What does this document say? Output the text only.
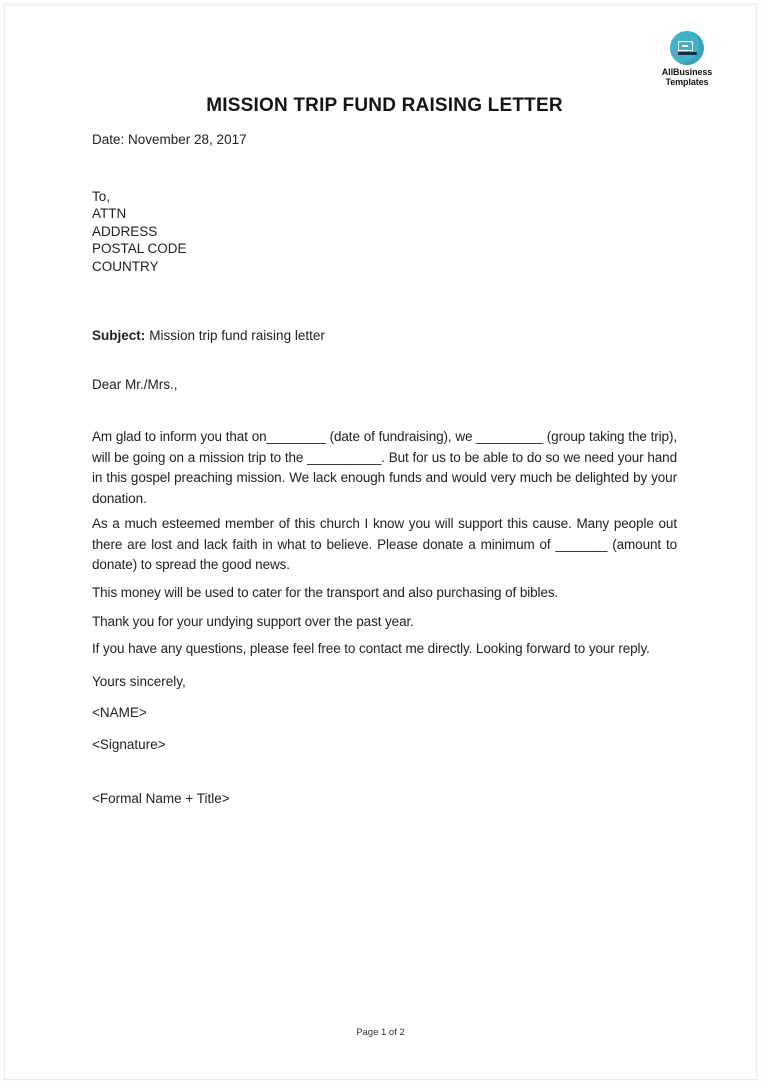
AllBusiness
Templates
MISSION TRIP FUND RAISING LETTER
Date: November 28, 2017
To,
ATTN
ADDRESS
POSTAL CODE
COUNTRY
Subject: Mission trip fund raising letter
Dear Mr./Mrs.,
Am glad to inform you that on________ (date of fundraising), we _________ (group taking the trip), will be going on a mission trip to the __________. But for us to be able to do so we need your hand in this gospel preaching mission. We lack enough funds and would very much be delighted by your donation.
As a much esteemed member of this church I know you will support this cause. Many people out there are lost and lack faith in what to believe. Please donate a minimum of _______ (amount to donate) to spread the good news.
This money will be used to cater for the transport and also purchasing of bibles.
Thank you for your undying support over the past year.
If you have any questions, please feel free to contact me directly. Looking forward to your reply.
Yours sincerely,
<NAME>
<Signature>
<Formal Name + Title>
Page 1 of 2
